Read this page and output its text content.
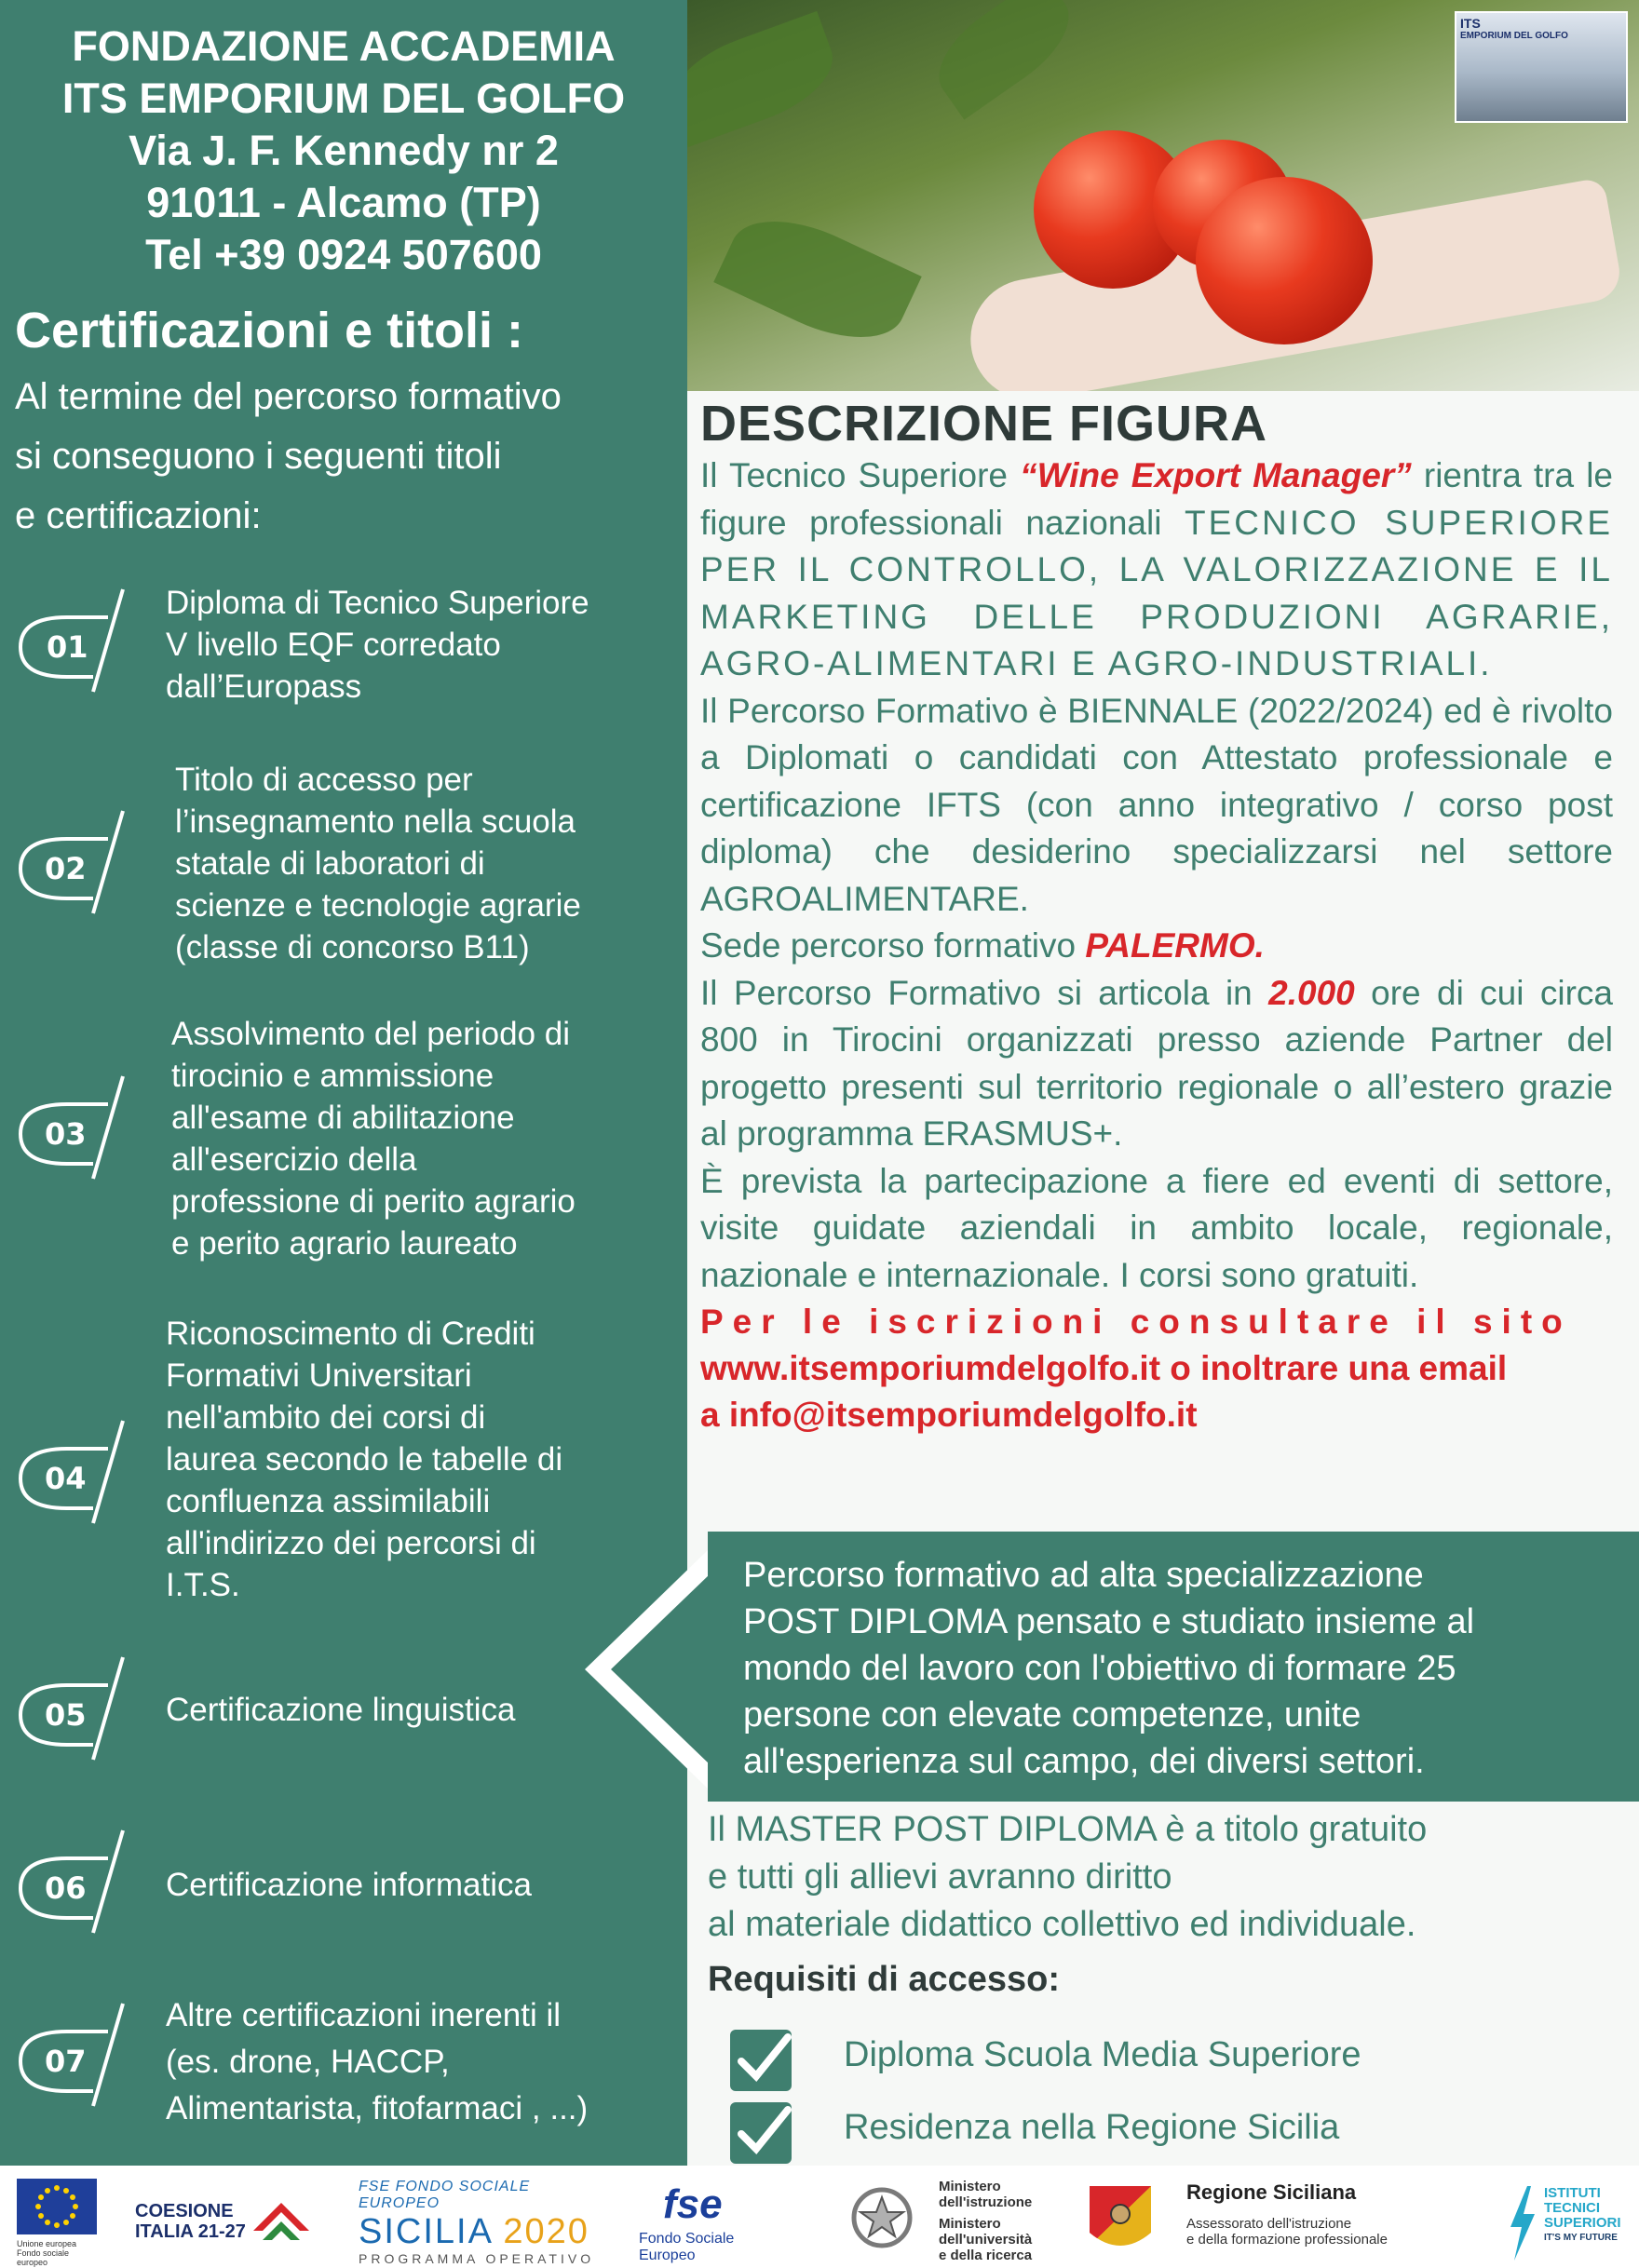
FONDAZIONE ACCADEMIA
ITS EMPORIUM DEL GOLFO
Via J. F. Kennedy nr 2
91011 - Alcamo (TP)
Tel +39 0924 507600
Certificazioni e titoli :
Al termine del percorso formativo
si conseguono i seguenti titoli
e certificazioni:
01
Diploma di Tecnico Superiore
V livello EQF corredato
dall’Europass
02
Titolo di accesso per
l’insegnamento nella scuola
statale di laboratori di
scienze e tecnologie agrarie
(classe di concorso B11)
03
Assolvimento del periodo di
tirocinio e ammissione
all'esame di abilitazione
all'esercizio della
professione di perito agrario
e perito agrario laureato
04
Riconoscimento di Crediti
Formativi Universitari
nell'ambito dei corsi di
laurea secondo le tabelle di
confluenza assimilabili
all'indirizzo dei percorsi di
I.T.S.
05 Certificazione linguistica
06 Certificazione informatica
07
Altre certificazioni inerenti il
(es. drone, HACCP,
Alimentarista, fitofarmaci , ...)
ITS
EMPORIUM DEL GOLFO
DESCRIZIONE FIGURA
Il Tecnico Superiore “Wine Export Manager” rientra tra le figure professionali nazionali TECNICO SUPERIORE PER IL CONTROLLO, LA VALORIZZAZIONE E IL MARKETING DELLE PRODUZIONI AGRARIE, AGRO-ALIMENTARI E AGRO-INDUSTRIALI.
Il Percorso Formativo è BIENNALE (2022/2024) ed è rivolto a Diplomati o candidati con Attestato professionale e certificazione IFTS (con anno integrativo / corso post diploma) che desiderino specializzarsi nel settore AGROALIMENTARE.
Sede percorso formativo PALERMO.
Il Percorso Formativo si articola in 2.000 ore di cui circa 800 in Tirocini organizzati presso aziende Partner del progetto presenti sul territorio regionale o all’estero grazie al programma ERASMUS+.
È prevista la partecipazione a fiere ed eventi di settore, visite guidate aziendali in ambito locale, regionale, nazionale e internazionale. I corsi sono gratuiti.
Per le iscrizioni consultare il sito
www.itsemporiumdelgolfo.it o inoltrare una email
a info@itsemporiumdelgolfo.it
Percorso formativo ad alta specializzazione
POST DIPLOMA pensato e studiato insieme al
mondo del lavoro con l'obiettivo di formare 25
persone con elevate competenze, unite
all'esperienza sul campo, dei diversi settori.
Il MASTER POST DIPLOMA è a titolo gratuito
e tutti gli allievi avranno diritto
al materiale didattico collettivo ed individuale.
Requisiti di accesso:
Diploma Scuola Media Superiore
Residenza nella Regione Sicilia
Unione europea
Fondo sociale europeo
COESIONE
ITALIA 21-27
FSE FONDO SOCIALE EUROPEO
SICILIA 2020
PROGRAMMA OPERATIVO
fse
Fondo Sociale Europeo
Ministero
dell'istruzione
Ministero
dell'università
e della ricerca
Regione Siciliana
Assessorato dell'istruzione
e della formazione professionale
ISTITUTI
TECNICI
SUPERIORI
IT'S MY FUTURE
